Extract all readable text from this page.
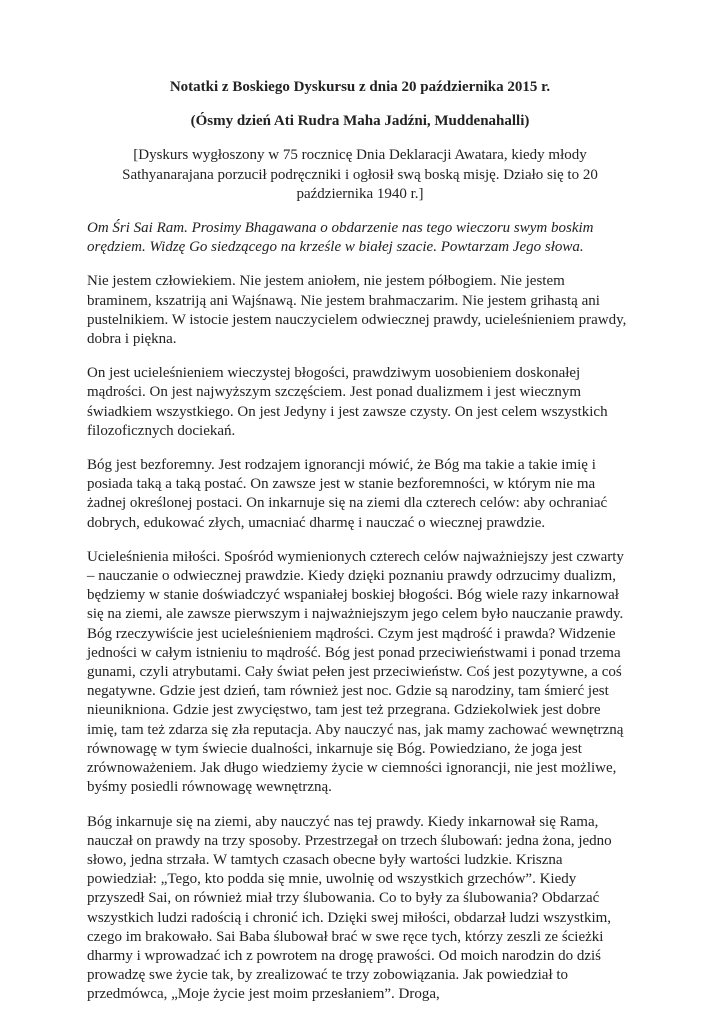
Notatki z Boskiego Dyskursu z dnia 20 października 2015 r.

(Ósmy dzień Ati Rudra Maha Jadźni, Muddenahalli)

[Dyskurs wygłoszony w 75 rocznicę Dnia Deklaracji Awatara, kiedy młody Sathyanarajana porzucił podręczniki i ogłosił swą boską misję. Działo się to 20 października 1940 r.]

Om Śri Sai Ram. Prosimy Bhagawana o obdarzenie nas tego wieczoru swym boskim orędziem. Widzę Go siedzącego na krześle w białej szacie. Powtarzam Jego słowa.

Nie jestem człowiekiem. Nie jestem aniołem, nie jestem półbogiem. Nie jestem braminem, kszatriją ani Wajśnawą. Nie jestem brahmaczarim. Nie jestem grihastą ani pustelnikiem. W istocie jestem nauczycielem odwiecznej prawdy, ucieleśnieniem prawdy, dobra i piękna.

On jest ucieleśnieniem wieczystej błogości, prawdziwym uosobieniem doskonałej mądrości. On jest najwyższym szczęściem. Jest ponad dualizmem i jest wiecznym świadkiem wszystkiego. On jest Jedyny i jest zawsze czysty. On jest celem wszystkich filozoficznych dociekań.

Bóg jest bezforemny. Jest rodzajem ignorancji mówić, że Bóg ma takie a takie imię i posiada taką a taką postać. On zawsze jest w stanie bezforemności, w którym nie ma żadnej określonej postaci. On inkarnuje się na ziemi dla czterech celów: aby ochraniać dobrych, edukować złych, umacniać dharmę i nauczać o wiecznej prawdzie.

Ucieleśnienia miłości. Spośród wymienionych czterech celów najważniejszy jest czwarty – nauczanie o odwiecznej prawdzie. Kiedy dzięki poznaniu prawdy odrzucimy dualizm, będziemy w stanie doświadczyć wspaniałej boskiej błogości. Bóg wiele razy inkarnował się na ziemi, ale zawsze pierwszym i najważniejszym jego celem było nauczanie prawdy. Bóg rzeczywiście jest ucieleśnieniem mądrości. Czym jest mądrość i prawda? Widzenie jedności w całym istnieniu to mądrość. Bóg jest ponad przeciwieństwami i ponad trzema gunami, czyli atrybutami. Cały świat pełen jest przeciwieństw. Coś jest pozytywne, a coś negatywne. Gdzie jest dzień, tam również jest noc. Gdzie są narodziny, tam śmierć jest nieunikniona. Gdzie jest zwycięstwo, tam jest też przegrana. Gdziekolwiek jest dobre imię, tam też zdarza się zła reputacja. Aby nauczyć nas, jak mamy zachować wewnętrzną równowagę w tym świecie dualności, inkarnuje się Bóg. Powiedziano, że joga jest zrównoważeniem. Jak długo wiedziemy życie w ciemności ignorancji, nie jest możliwe, byśmy posiedli równowagę wewnętrzną.

Bóg inkarnuje się na ziemi, aby nauczyć nas tej prawdy. Kiedy inkarnował się Rama, nauczał on prawdy na trzy sposoby. Przestrzegał on trzech ślubowań: jedna żona, jedno słowo, jedna strzała. W tamtych czasach obecne były wartości ludzkie. Kriszna powiedział: „Tego, kto podda się mnie, uwolnię od wszystkich grzechów”. Kiedy przyszedł Sai, on również miał trzy ślubowania. Co to były za ślubowania? Obdarzać wszystkich ludzi radością i chronić ich. Dzięki swej miłości, obdarzał ludzi wszystkim, czego im brakowało. Sai Baba ślubował brać w swe ręce tych, którzy zeszli ze ścieżki dharmy i wprowadzać ich z powrotem na drogę prawości. Od moich narodzin do dziś prowadzę swe życie tak, by zrealizować te trzy zobowiązania. Jak powiedział to przedmówca, „Moje życie jest moim przesłaniem”. Droga,
